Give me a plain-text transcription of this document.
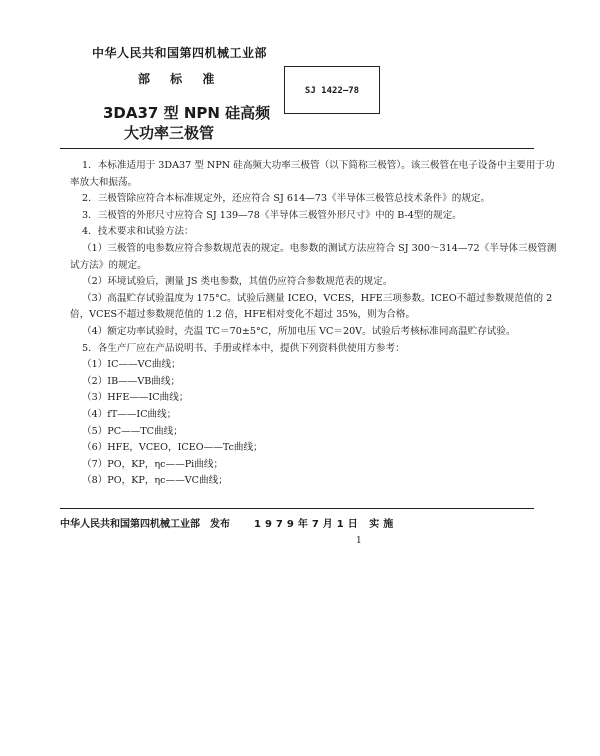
中华人民共和国第四机械工业部
部 标 准
SJ 1422—78
3DA37 型 NPN 硅高频
大功率三极管

1．本标准适用于 3DA37 型 NPN 硅高频大功率三极管（以下简称三极管）。该三极管在电子设备中主要用于功率放大和振荡。

2．三极管除应符合本标准规定外，还应符合 SJ 614—73《半导体三极管总技术条件》的规定。

3．三极管的外形尺寸应符合 SJ 139—78《半导体三极管外形尺寸》中的 B-4型的规定。

4．技术要求和试验方法：

（1）三极管的电参数应符合参数规范表的规定。电参数的测试方法应符合 SJ 300～314—72《半导体三极管测试方法》的规定。

（2）环境试验后，测量 JS 类电参数，其值仍应符合参数规范表的规定。

（3）高温贮存试验温度为 175°C。试验后测量 ICEO，VCES，HFE三项参数。ICEO不超过参数规范值的 2 倍，VCES不超过参数规范值的 1.2 倍，HFE相对变化不超过 35%，则为合格。

（4）额定功率试验时，壳温 TC＝70±5°C，所加电压 VC＝20V。试验后考核标准同高温贮存试验。

5．各生产厂应在产品说明书、手册或样本中，提供下列资料供使用方参考：

（1）IC——VC曲线；

（2）IB——VB曲线；

（3）HFE——IC曲线；

（4）fT——IC曲线；

（5）PC——TC曲线；

（6）HFE，VCEO，ICEO——Tc曲线；

（7）PO，KP，ηc——Pi曲线；

（8）PO，KP，ηc——VC曲线；

中华人民共和国第四机械工业部　发布 1979年7月1日 实施
1
